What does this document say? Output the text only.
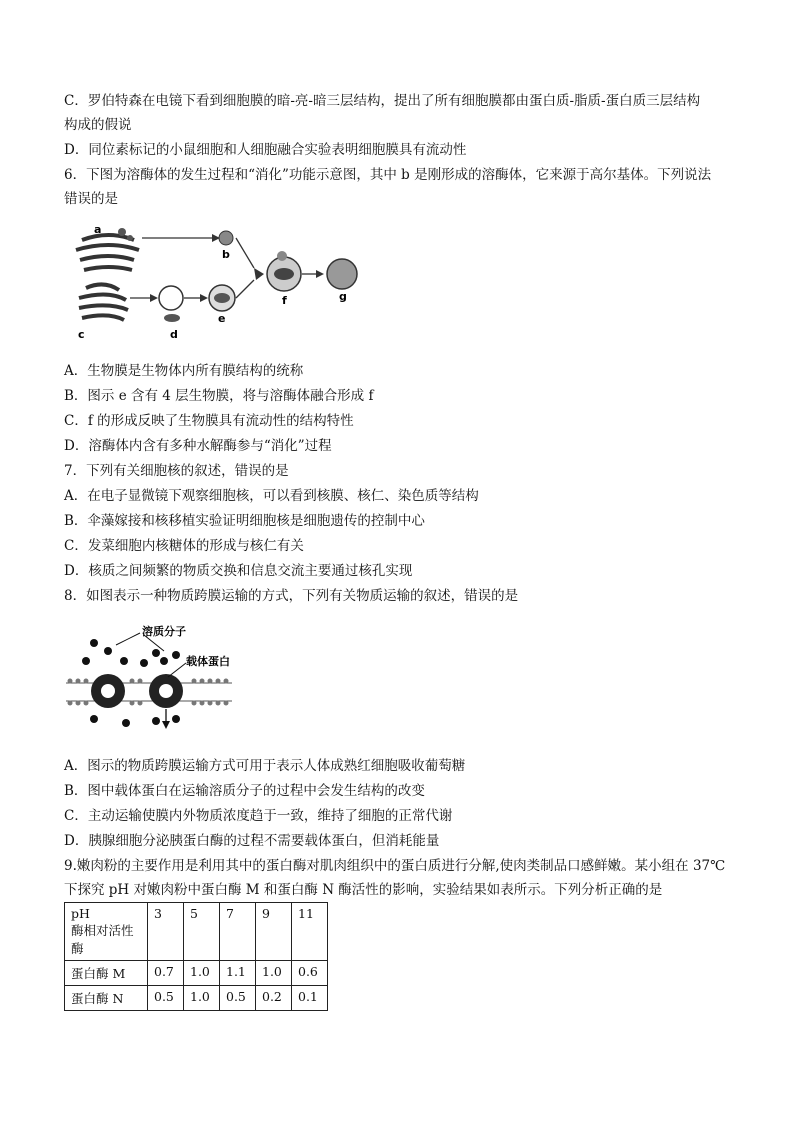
C．罗伯特森在电镜下看到细胞膜的暗-亮-暗三层结构，提出了所有细胞膜都由蛋白质-脂质-蛋白质三层结构
构成的假说
D．同位素标记的小鼠细胞和人细胞融合实验表明细胞膜具有流动性
6．下图为溶酶体的发生过程和“消化”功能示意图，其中 b 是刚形成的溶酶体，它来源于高尔基体。下列说法
错误的是
a
b
c	d
e
f	g
A．生物膜是生物体内所有膜结构的统称
B．图示 e 含有 4 层生物膜，将与溶酶体融合形成 f
C．f 的形成反映了生物膜具有流动性的结构特性
D．溶酶体内含有多种水解酶参与“消化”过程
7．下列有关细胞核的叙述，错误的是
A．在电子显微镜下观察细胞核，可以看到核膜、核仁、染色质等结构
B．伞藻嫁接和核移植实验证明细胞核是细胞遗传的控制中心
C．发菜细胞内核糖体的形成与核仁有关
D．核质之间频繁的物质交换和信息交流主要通过核孔实现
8．如图表示一种物质跨膜运输的方式，下列有关物质运输的叙述，错误的是
溶质分子
载体蛋白
A．图示的物质跨膜运输方式可用于表示人体成熟红细胞吸收葡萄糖
B．图中载体蛋白在运输溶质分子的过程中会发生结构的改变
C．主动运输使膜内外物质浓度趋于一致，维持了细胞的正常代谢
D．胰腺细胞分泌胰蛋白酶的过程不需要载体蛋白，但消耗能量
9.嫩肉粉的主要作用是利用其中的蛋白酶对肌肉组织中的蛋白质进行分解,使肉类制品口感鲜嫩。某小组在 37℃
下探究 pH 对嫩肉粉中蛋白酶 M 和蛋白酶 N 酶活性的影响，实验结果如表所示。下列分析正确的是
pH
酶相对活性
酶	3	5	7	9	11
蛋白酶 M	0.7	1.0	1.1	1.0	0.6
蛋白酶 N	0.5	1.0	0.5	0.2	0.1
